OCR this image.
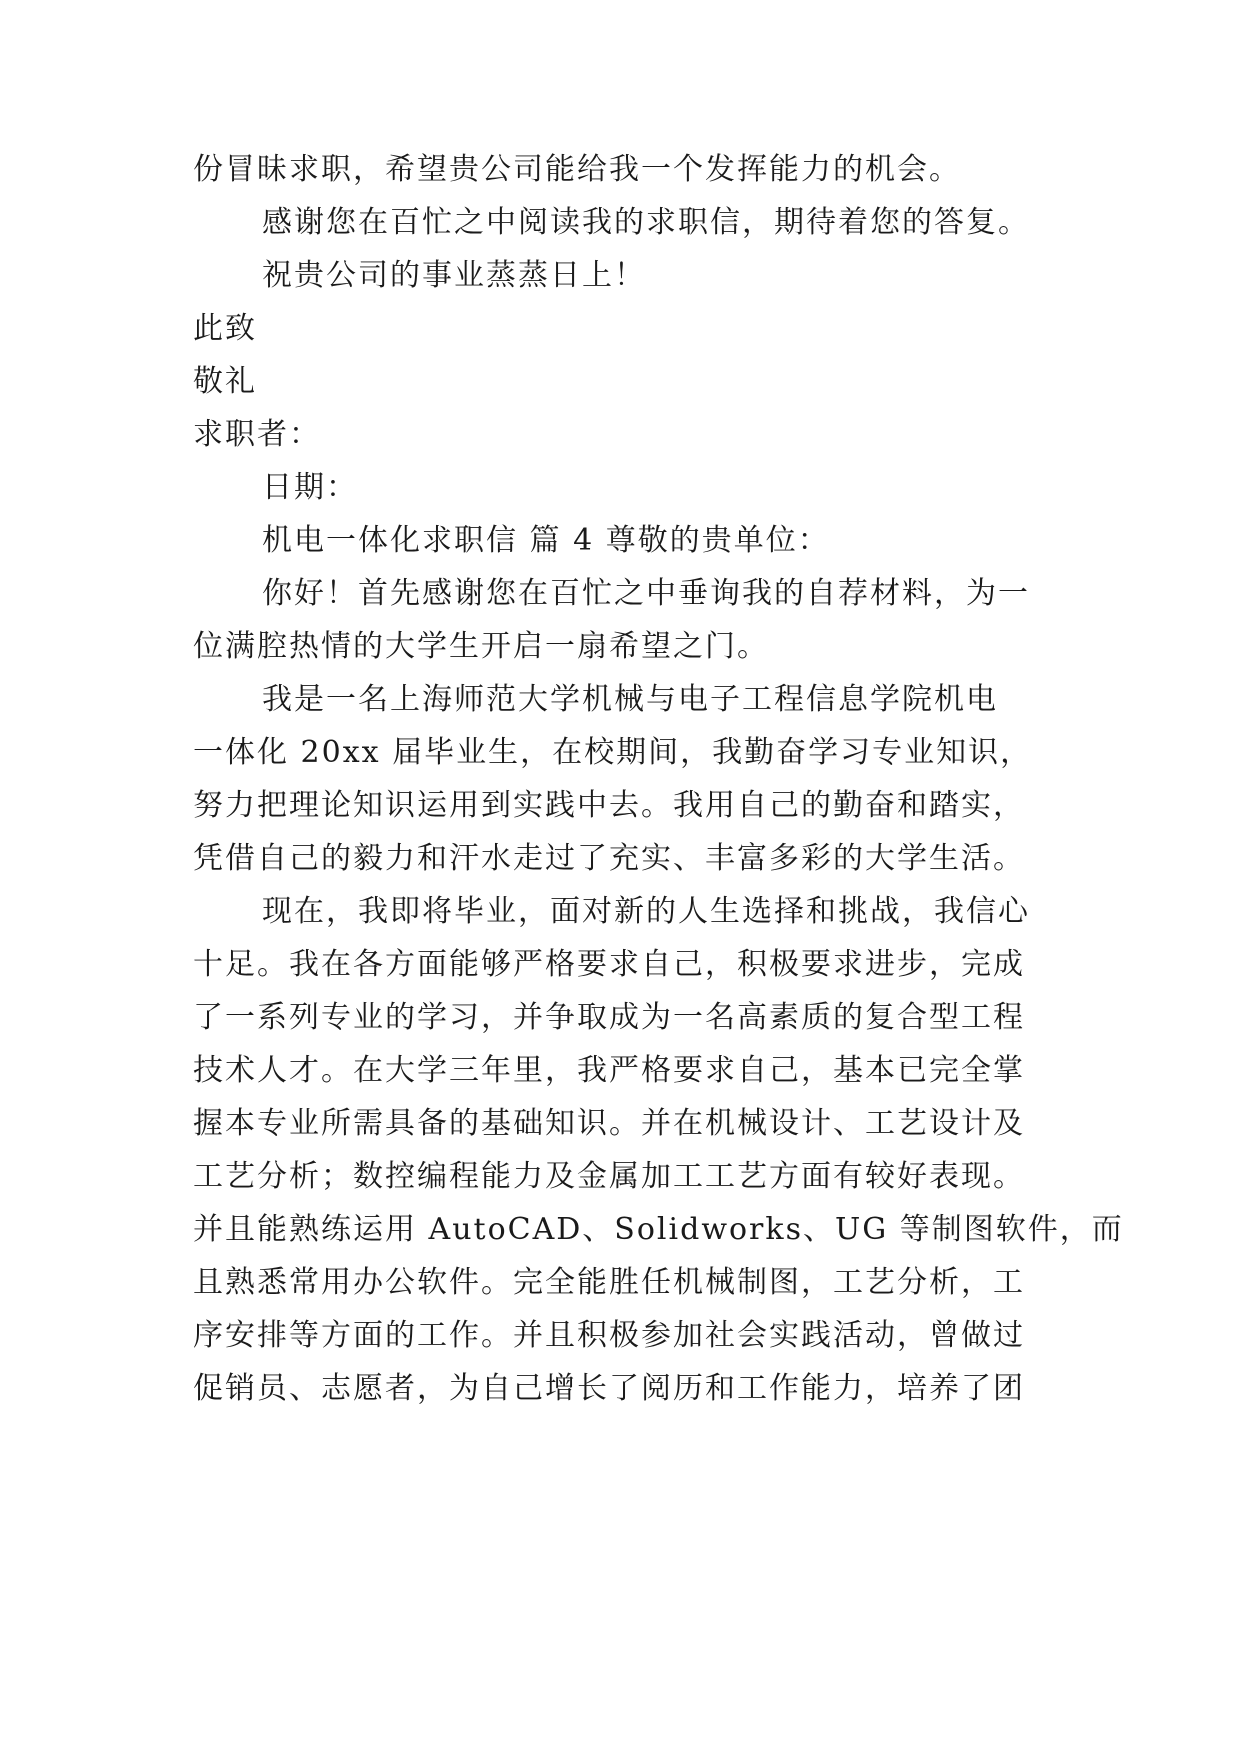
份冒昧求职，希望贵公司能给我一个发挥能力的机会。
感谢您在百忙之中阅读我的求职信，期待着您的答复。
祝贵公司的事业蒸蒸日上！
此致
敬礼
求职者：
日期：
机电一体化求职信 篇 4 尊敬的贵单位：
你好！首先感谢您在百忙之中垂询我的自荐材料，为一
位满腔热情的大学生开启一扇希望之门。
我是一名上海师范大学机械与电子工程信息学院机电
一体化 20xx 届毕业生，在校期间，我勤奋学习专业知识，
努力把理论知识运用到实践中去。我用自己的勤奋和踏实，
凭借自己的毅力和汗水走过了充实、丰富多彩的大学生活。
现在，我即将毕业，面对新的人生选择和挑战，我信心
十足。我在各方面能够严格要求自己，积极要求进步，完成
了一系列专业的学习，并争取成为一名高素质的复合型工程
技术人才。在大学三年里，我严格要求自己，基本已完全掌
握本专业所需具备的基础知识。并在机械设计、工艺设计及
工艺分析；数控编程能力及金属加工工艺方面有较好表现。
并且能熟练运用 AutoCAD、Solidworks、UG 等制图软件，而
且熟悉常用办公软件。完全能胜任机械制图，工艺分析，工
序安排等方面的工作。并且积极参加社会实践活动，曾做过
促销员、志愿者，为自己增长了阅历和工作能力，培养了团
